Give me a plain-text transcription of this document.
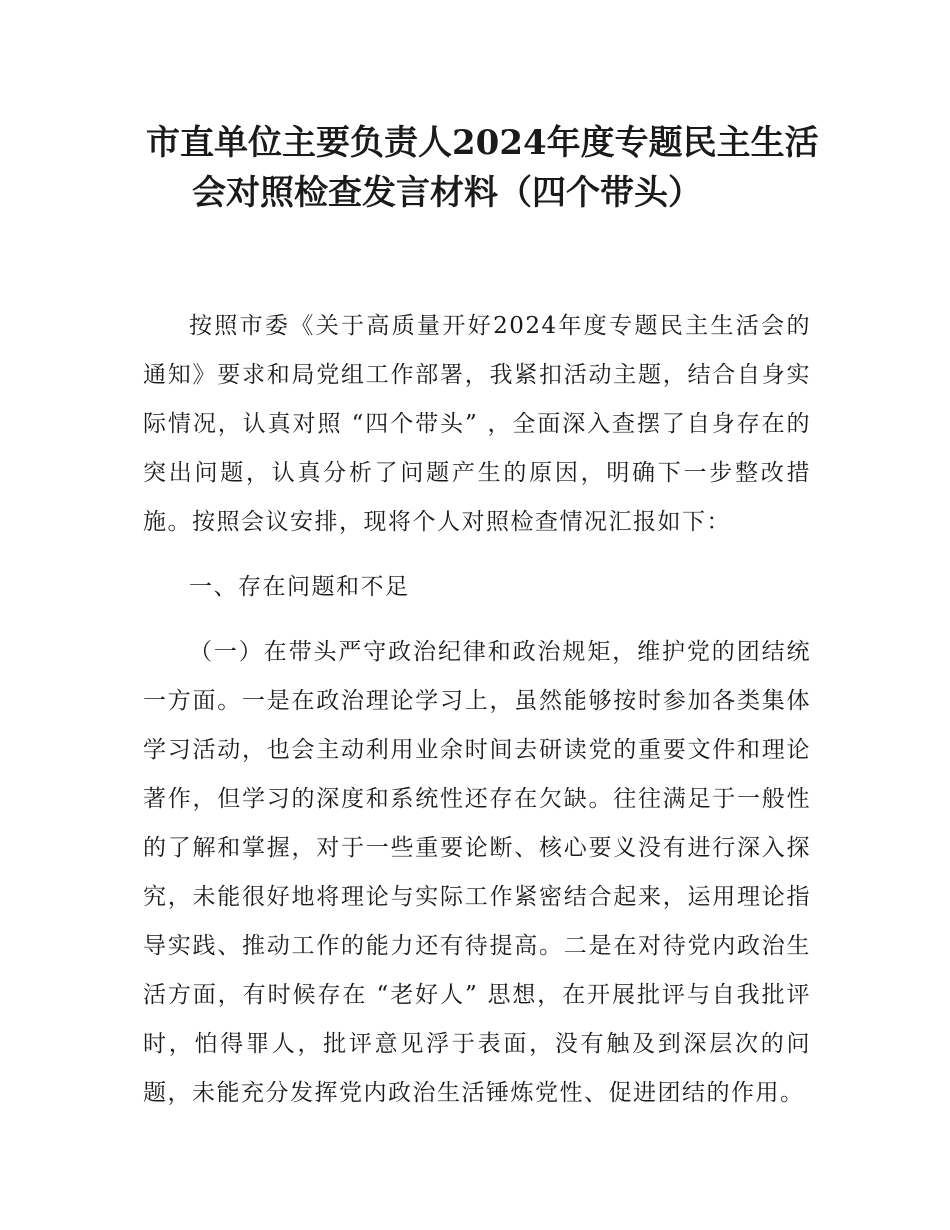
市直单位主要负责人2024年度专题民主生活
会对照检查发言材料（四个带头）

按照市委《关于高质量开好2024年度专题民主生活会的通知》要求和局党组工作部署，我紧扣活动主题，结合自身实际情况，认真对照 “四个带头” ，全面深入查摆了自身存在的突出问题，认真分析了问题产生的原因，明确下一步整改措施。按照会议安排，现将个人对照检查情况汇报如下：

一、存在问题和不足

（一）在带头严守政治纪律和政治规矩，维护党的团结统一方面。一是在政治理论学习上，虽然能够按时参加各类集体学习活动，也会主动利用业余时间去研读党的重要文件和理论著作，但学习的深度和系统性还存在欠缺。往往满足于一般性的了解和掌握，对于一些重要论断、核心要义没有进行深入探究，未能很好地将理论与实际工作紧密结合起来，运用理论指导实践、推动工作的能力还有待提高。二是在对待党内政治生活方面，有时候存在 “老好人” 思想，在开展批评与自我批评时，怕得罪人，批评意见浮于表面，没有触及到深层次的问题，未能充分发挥党内政治生活锤炼党性、促进团结的作用。
